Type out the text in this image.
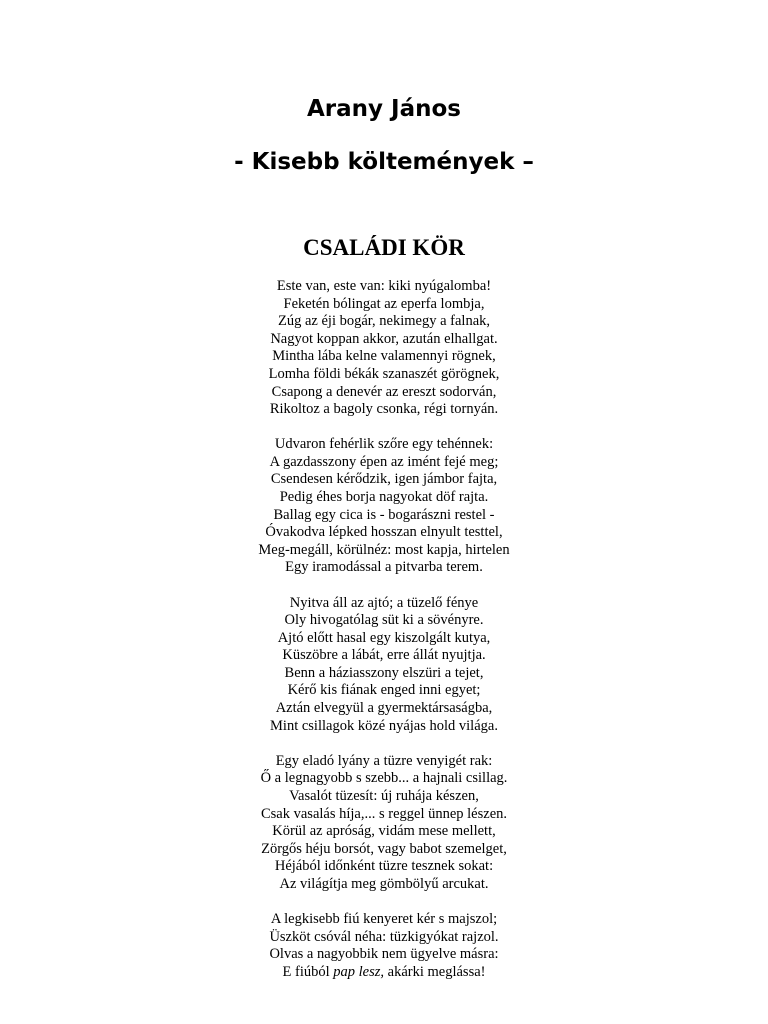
Arany János
- Kisebb költemények –
CSALÁDI KÖR
Este van, este van: kiki nyúgalomba!
Feketén bólingat az eperfa lombja,
Zúg az éji bogár, nekimegy a falnak,
Nagyot koppan akkor, azután elhallgat.
Mintha lába kelne valamennyi rögnek,
Lomha földi békák szanaszét görögnek,
Csapong a denevér az ereszt sodorván,
Rikoltoz a bagoly csonka, régi tornyán.
Udvaron fehérlik szőre egy tehénnek:
A gazdasszony épen az imént fejé meg;
Csendesen kérődzik, igen jámbor fajta,
Pedig éhes borja nagyokat döf rajta.
Ballag egy cica is - bogarászni restel -
Óvakodva lépked hosszan elnyult testtel,
Meg-megáll, körülnéz: most kapja, hirtelen
Egy iramodással a pitvarba terem.
Nyitva áll az ajtó; a tüzelő fénye
Oly hivogatólag süt ki a sövényre.
Ajtó előtt hasal egy kiszolgált kutya,
Küszöbre a lábát, erre állát nyujtja.
Benn a háziasszony elszüri a tejet,
Kérő kis fiának enged inni egyet;
Aztán elvegyül a gyermektársaságba,
Mint csillagok közé nyájas hold világa.
Egy eladó lyány a tüzre venyigét rak:
Ő a legnagyobb s szebb... a hajnali csillag.
Vasalót tüzesít: új ruhája készen,
Csak vasalás híja,... s reggel ünnep lészen.
Körül az apróság, vidám mese mellett,
Zörgős héju borsót, vagy babot szemelget,
Héjából időnként tüzre tesznek sokat:
Az világítja meg gömbölyű arcukat.
A legkisebb fiú kenyeret kér s majszol;
Üszköt csóvál néha: tüzkigyókat rajzol.
Olvas a nagyobbik nem ügyelve másra:
E fiúból pap lesz, akárki meglássa!
